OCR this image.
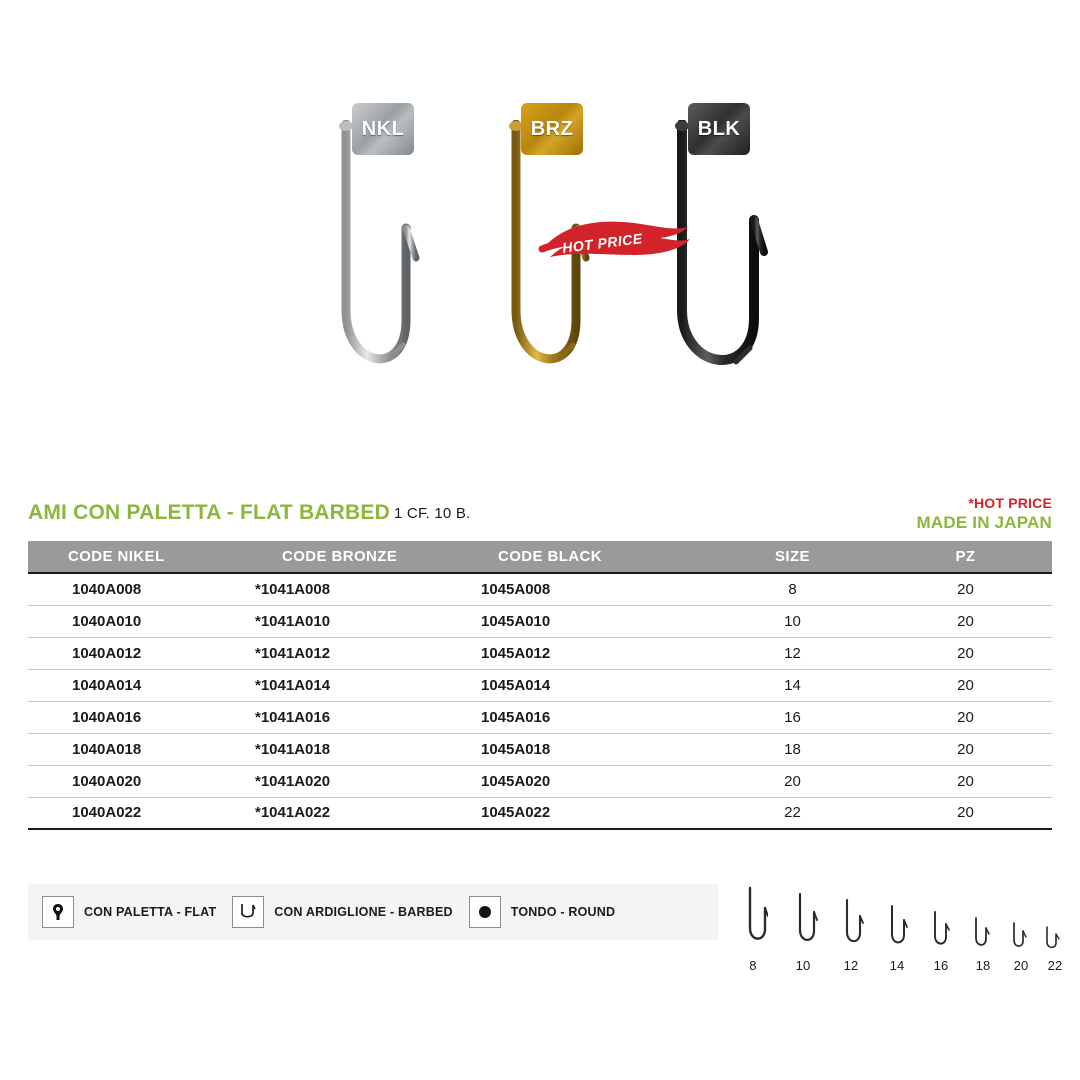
NKL	BRZ	BLK
HOT PRICE
AMI CON PALETTA - FLAT BARBED 1 CF. 10 B.
*HOT PRICE
MADE IN JAPAN
CODE NIKEL	CODE BRONZE	CODE BLACK	SIZE	PZ
1040A008	*1041A008	1045A008	8	20
1040A010	*1041A010	1045A010	10	20
1040A012	*1041A012	1045A012	12	20
1040A014	*1041A014	1045A014	14	20
1040A016	*1041A016	1045A016	16	20
1040A018	*1041A018	1045A018	18	20
1040A020	*1041A020	1045A020	20	20
1040A022	*1041A022	1045A022	22	20
CON PALETTA - FLAT	CON ARDIGLIONE - BARBED	TONDO - ROUND
8	10	12	14	16	18	20	22
